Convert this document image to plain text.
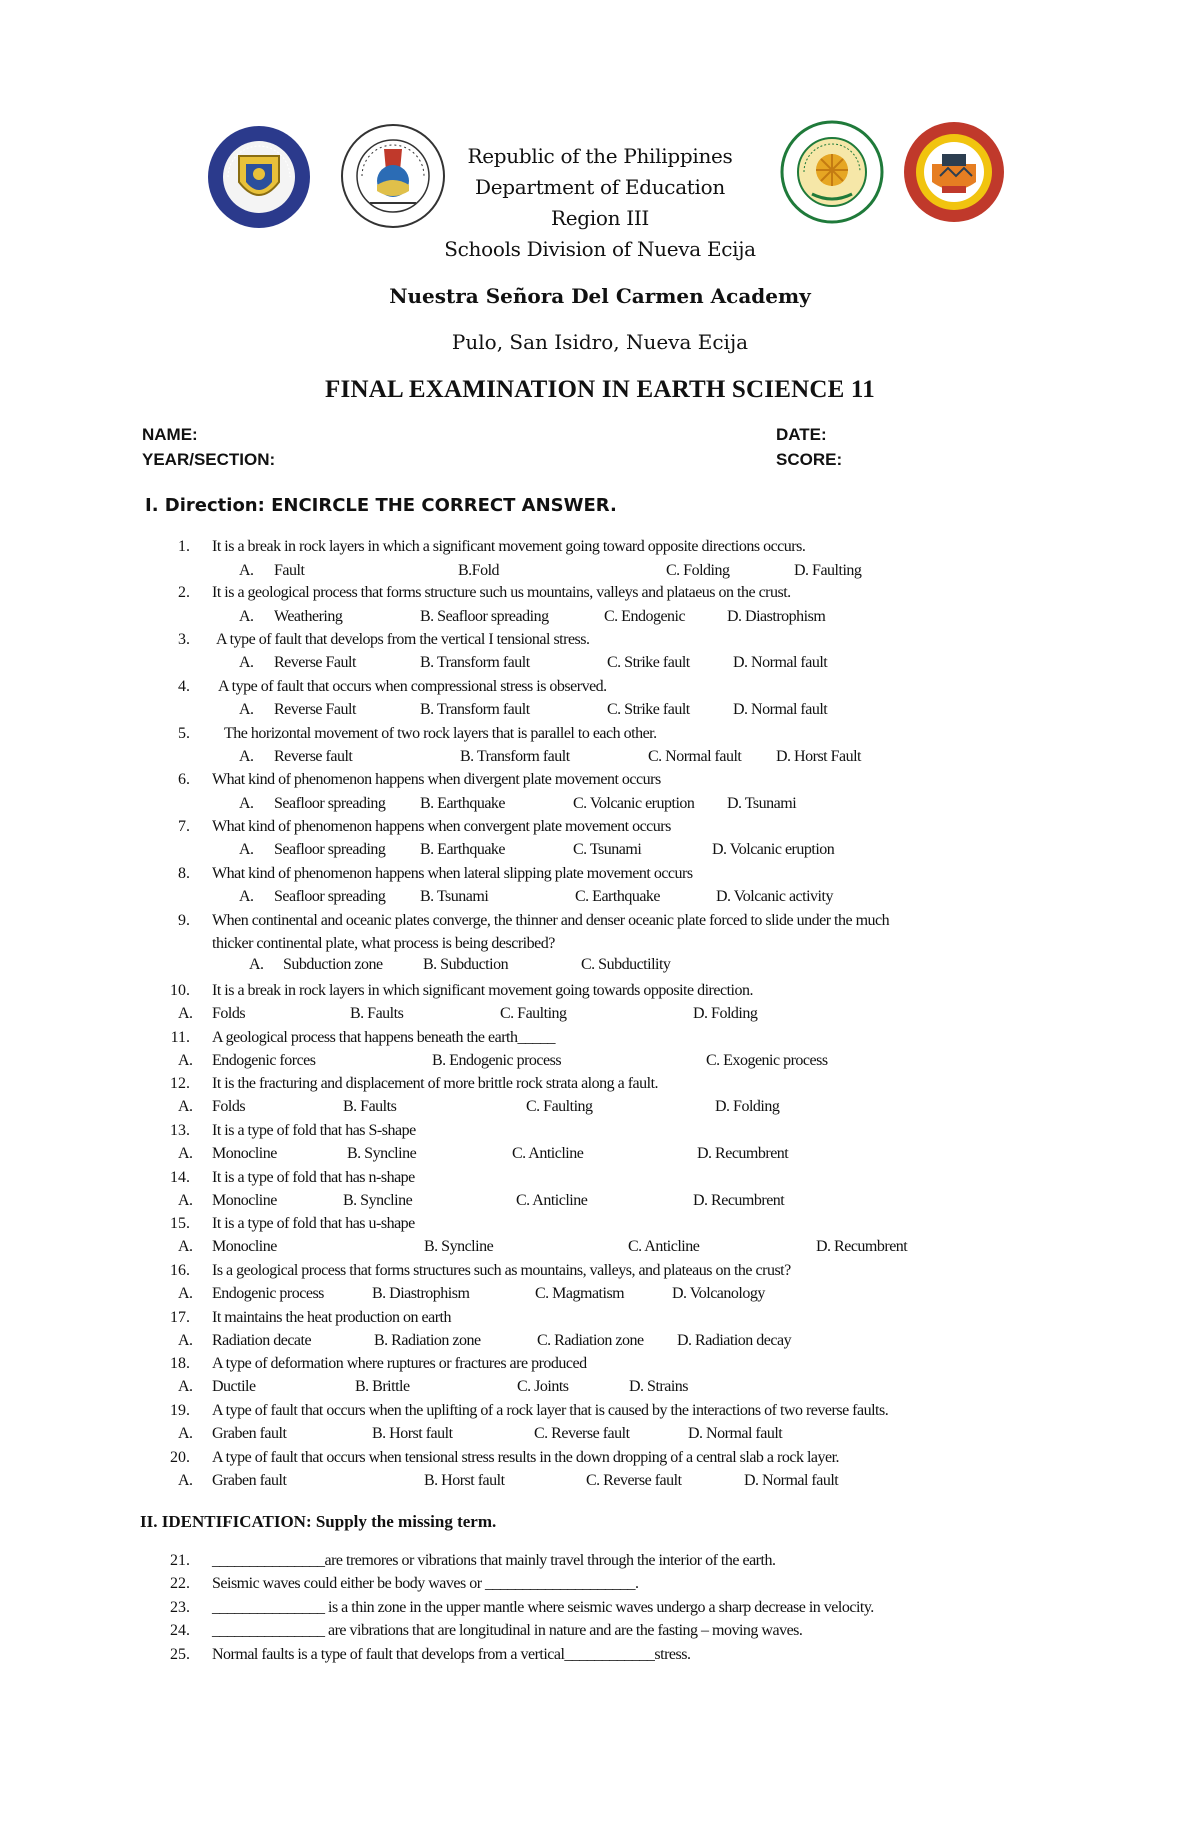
Republic of the Philippines
Department of Education
Region III
Schools Division of Nueva Ecija
Nuestra Señora Del Carmen Academy
Pulo, San Isidro, Nueva Ecija
FINAL EXAMINATION IN EARTH SCIENCE 11
NAME:	DATE:
YEAR/SECTION:	SCORE:
I. Direction: ENCIRCLE THE CORRECT ANSWER.
1. It is a break in rock layers in which a significant movement going toward opposite directions occurs.
A. Fault	B.Fold	C. Folding	D. Faulting
2. It is a geological process that forms structure such us mountains, valleys and plataeus on the crust.
A. Weathering	B. Seafloor spreading	C. Endogenic	D. Diastrophism
3. A type of fault that develops from the vertical I tensional stress.
A. Reverse Fault	B. Transform fault	C. Strike fault	D. Normal fault
4. A type of fault that occurs when compressional stress is observed.
A. Reverse Fault	B. Transform fault	C. Strike fault	D. Normal fault
5. The horizontal movement of two rock layers that is parallel to each other.
A. Reverse fault	B. Transform fault	C. Normal fault D. Horst Fault
6. What kind of phenomenon happens when divergent plate movement occurs
A. Seafloor spreading B. Earthquake	C. Volcanic eruption D. Tsunami
7. What kind of phenomenon happens when convergent plate movement occurs
A. Seafloor spreading B. Earthquake	C. Tsunami	D. Volcanic eruption
8. What kind of phenomenon happens when lateral slipping plate movement occurs
A. Seafloor spreading B. Tsunami	C. Earthquake	D. Volcanic activity
9. When continental and oceanic plates converge, the thinner and denser oceanic plate forced to slide under the much
thicker continental plate, what process is being described?
A. Subduction zone	B. Subduction	C. Subductility
10. It is a break in rock layers in which significant movement going towards opposite direction.
A. Folds	B. Faults	C. Faulting	D. Folding
11. A geological process that happens beneath the earth_____
A. Endogenic forces	B. Endogenic process	C. Exogenic process
12. It is the fracturing and displacement of more brittle rock strata along a fault.
A. Folds	B. Faults	C. Faulting	D. Folding
13. It is a type of fold that has S-shape
A. Monocline	B. Syncline	C. Anticline	D. Recumbrent
14. It is a type of fold that has n-shape
A. Monocline	B. Syncline	C. Anticline	D. Recumbrent
15. It is a type of fold that has u-shape
A. Monocline	B. Syncline	C. Anticline	D. Recumbrent
16. Is a geological process that forms structures such as mountains, valleys, and plateaus on the crust?
A. Endogenic process	B. Diastrophism	C. Magmatism	D. Volcanology
17. It maintains the heat production on earth
A. Radiation decate	B. Radiation zone	C. Radiation zone D. Radiation decay
18. A type of deformation where ruptures or fractures are produced
A. Ductile	B. Brittle	C. Joints	D. Strains
19. A type of fault that occurs when the uplifting of a rock layer that is caused by the interactions of two reverse faults.
A. Graben fault	B. Horst fault	C. Reverse fault	D. Normal fault
20. A type of fault that occurs when tensional stress results in the down dropping of a central slab a rock layer.
A. Graben fault	B. Horst fault	C. Reverse fault	D. Normal fault
II. IDENTIFICATION: Supply the missing term.
21. _______________are tremores or vibrations that mainly travel through the interior of the earth.
22. Seismic waves could either be body waves or ____________________.
23. _______________ is a thin zone in the upper mantle where seismic waves undergo a sharp decrease in velocity.
24. _______________ are vibrations that are longitudinal in nature and are the fasting – moving waves.
25. Normal faults is a type of fault that develops from a vertical____________stress.
